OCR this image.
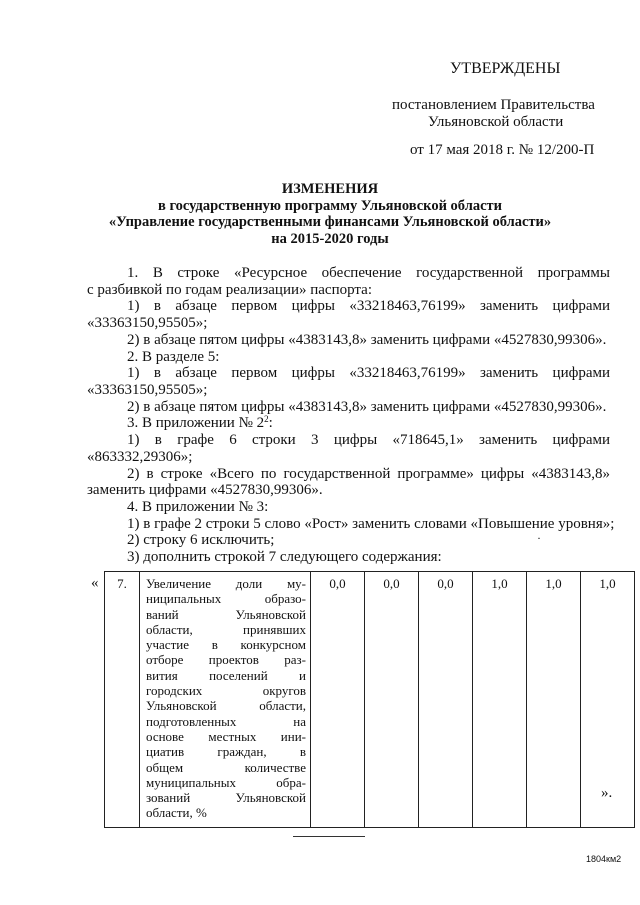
УТВЕРЖДЕНЫ
постановлением Правительства
Ульяновской области
от 17 мая 2018 г. № 12/200-П
ИЗМЕНЕНИЯ
в государственную программу Ульяновской области
«Управление государственными финансами Ульяновской области»
на 2015-2020 годы
1. В строке «Ресурсное обеспечение государственной программы
с разбивкой по годам реализации» паспорта:
1) в абзаце первом цифры «33218463,76199» заменить цифрами
«33363150,95505»;
2) в абзаце пятом цифры «4383143,8» заменить цифрами «4527830,99306».
2. В разделе 5:
1) в абзаце первом цифры «33218463,76199» заменить цифрами
«33363150,95505»;
2) в абзаце пятом цифры «4383143,8» заменить цифрами «4527830,99306».
3. В приложении № $2^2$:
1) в графе 6 строки 3 цифры «718645,1» заменить цифрами
«863332,29306»;
2) в строке «Всего по государственной программе» цифры «4383143,8»
заменить цифрами «4527830,99306».
4. В приложении № 3:
1) в графе 2 строки 5 слово «Рост» заменить словами «Повышение уровня»;
2) строку 6 исключить;
3) дополнить строкой 7 следующего содержания:
·
« 7.	Увеличение доли му-
ниципальных образо-
ваний Ульяновской
области, принявших
участие в конкурсном
отборе проектов раз-
вития поселений и
городских округов
Ульяновской области,
подготовленных на
основе местных ини-
циатив граждан, в
общем количестве
муниципальных обра-
зований Ульяновской
области, %
	0,0	0,0	0,0	1,0	1,0	1,0
».
1804км2
